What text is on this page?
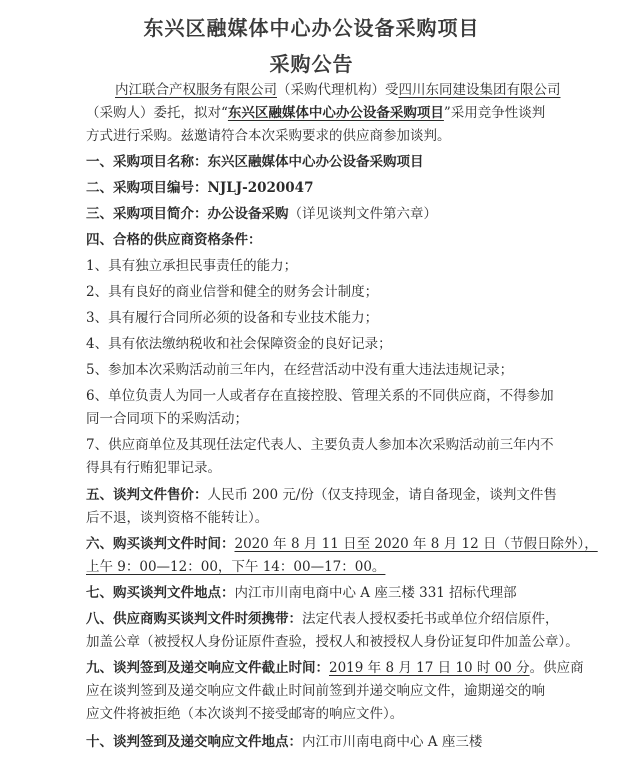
东兴区融媒体中心办公设备采购项目
采购公告
内江联合产权服务有限公司（采购代理机构）受四川东同建设集团有限公司
（采购人）委托，拟对“东兴区融媒体中心办公设备采购项目”采用竞争性谈判
方式进行采购。兹邀请符合本次采购要求的供应商参加谈判。
一、采购项目名称：东兴区融媒体中心办公设备采购项目
二、采购项目编号：NJLJ-2020047
三、采购项目简介：办公设备采购（详见谈判文件第六章）
四、合格的供应商资格条件：
1、具有独立承担民事责任的能力；
2、具有良好的商业信誉和健全的财务会计制度；
3、具有履行合同所必须的设备和专业技术能力；
4、具有依法缴纳税收和社会保障资金的良好记录；
5、参加本次采购活动前三年内，在经营活动中没有重大违法违规记录；
6、单位负责人为同一人或者存在直接控股、管理关系的不同供应商，不得参加
同一合同项下的采购活动；
7、供应商单位及其现任法定代表人、主要负责人参加本次采购活动前三年内不
得具有行贿犯罪记录。
五、谈判文件售价：人民币 200 元/份（仅支持现金，请自备现金，谈判文件售
后不退，谈判资格不能转让）。
六、购买谈判文件时间：2020 年 8 月 11 日至 2020 年 8 月 12 日（节假日除外），
上午 9：00—12：00，下午 14：00—17：00。
七、购买谈判文件地点：内江市川南电商中心 A 座三楼 331 招标代理部
八、供应商购买谈判文件时须携带：法定代表人授权委托书或单位介绍信原件，
加盖公章（被授权人身份证原件查验，授权人和被授权人身份证复印件加盖公章）。
九、谈判签到及递交响应文件截止时间：2019 年 8 月 17 日 10 时 00 分。供应商
应在谈判签到及递交响应文件截止时间前签到并递交响应文件，逾期递交的响
应文件将被拒绝（本次谈判不接受邮寄的响应文件）。
十、谈判签到及递交响应文件地点：内江市川南电商中心 A 座三楼
